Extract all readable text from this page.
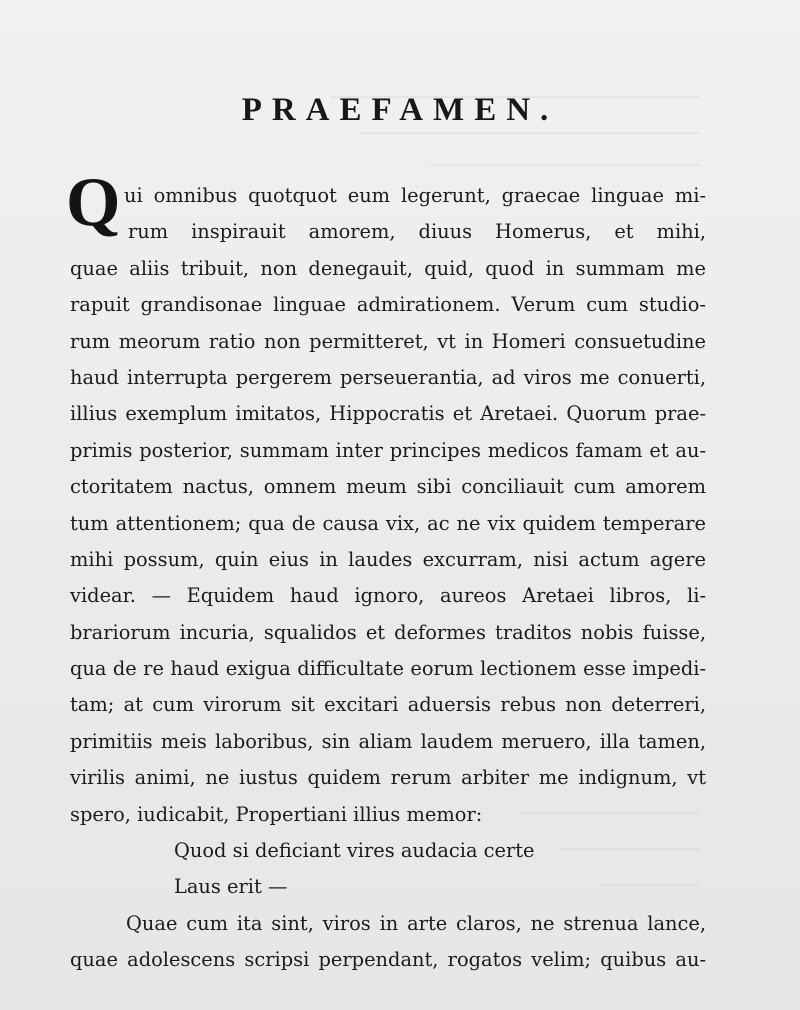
PRAEFAMEN.
Q ui omnibus quotquot eum legerunt, graecae linguae mi-
rum inspirauit amorem, diuus Homerus, et mihi,
quae aliis tribuit, non denegauit, quid, quod in summam me
rapuit grandisonae linguae admirationem. Verum cum studio-
rum meorum ratio non permitteret, vt in Homeri consuetudine
haud interrupta pergerem perseuerantia, ad viros me conuerti,
illius exemplum imitatos, Hippocratis et Aretaei. Quorum prae-
primis posterior, summam inter principes medicos famam et au-
ctoritatem nactus, omnem meum sibi conciliauit cum amorem
tum attentionem; qua de causa vix, ac ne vix quidem temperare
mihi possum, quin eius in laudes excurram, nisi actum agere
videar. — Equidem haud ignoro, aureos Aretaei libros, li-
brariorum incuria, squalidos et deformes traditos nobis fuisse,
qua de re haud exigua difficultate eorum lectionem esse impedi-
tam; at cum virorum sit excitari aduersis rebus non deterreri,
primitiis meis laboribus, sin aliam laudem meruero, illa tamen,
virilis animi, ne iustus quidem rerum arbiter me indignum, vt
spero, iudicabit, Propertiani illius memor:
Quod si deficiant vires audacia certe
Laus erit —
Quae cum ita sint, viros in arte claros, ne strenua lance,
quae adolescens scripsi perpendant, rogatos velim; quibus au-
